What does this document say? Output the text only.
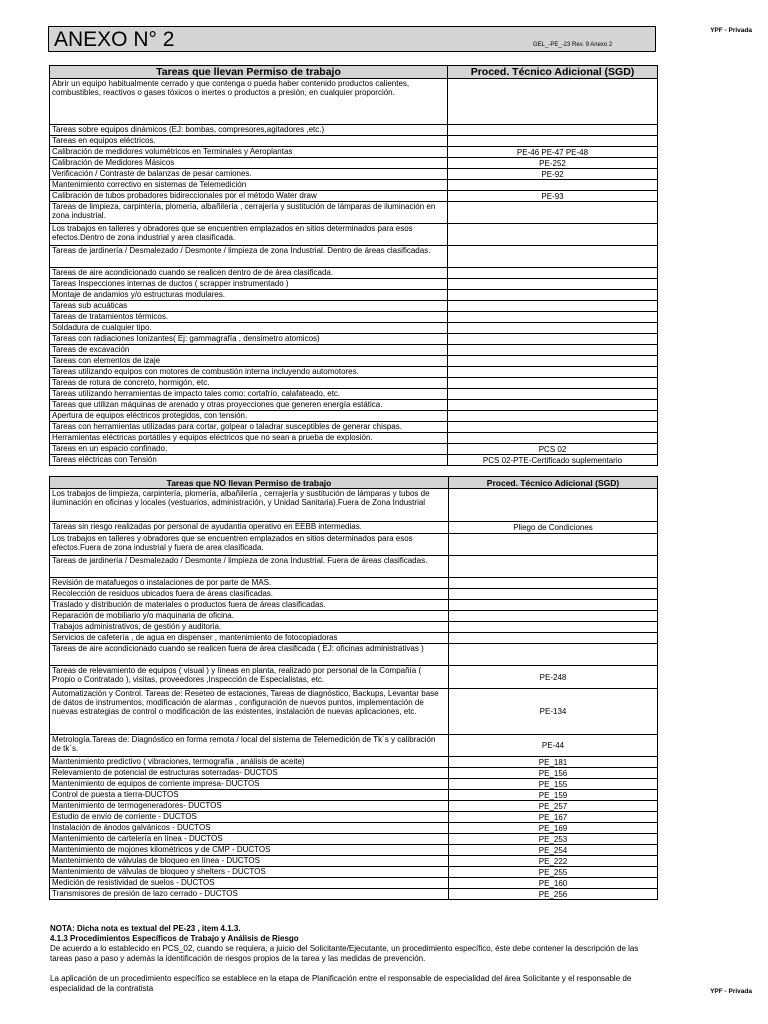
YPF - Privada
ANEXO N° 2	GEL_-PE_-23 Rev. 9 Anexo 2
Tareas que llevan Permiso de trabajo	Proced. Técnico Adicional (SGD)
Abrir un equipo habitualmente cerrado y que contenga o pueda haber contenido productos calientes, combustibles, reactivos o gases tóxicos o inertes o productos a presión, en cualquier proporción.	
Tareas sobre equipos dinámicos (EJ: bombas, compresores,agitadores ,etc.)	
Tareas en equipos eléctricos.	
Calibración de medidores volumétricos en Terminales y Aeroplantas	PE-46 PE-47 PE-48
Calibración de Medidores Másicos	PE-252
Verificación / Contraste de balanzas de pesar camiones.	PE-92
Mantenimiento correctivo en sistemas de Telemedición	
Calibración de tubos probadores bidireccionales por el método Water draw	PE-93
Tareas de limpieza, carpintería, plomería, albañilería , cerrajería y sustitución de lámparas de iluminación en zona industrial.	
Los trabajos en talleres y obradores que se encuentren emplazados en sitios determinados para esos efectos.Dentro de zona industrial y area clasificada.	
Tareas de jardinería / Desmalezado / Desmonte / limpieza de zona Industrial. Dentro de áreas clasificadas.	
Tareas de aire acondicionado cuando se realicen dentro de de área clasificada.	
Tareas Inspecciones internas de ductos ( scrapper instrumentado )	
Montaje de andamios y/o estructuras modulares.	
Tareas sub acuáticas	
Tareas de tratamientos térmicos.	
Soldadura de cualquier tipo.	
Tareas con radiaciones Ionizantes( Ej: gammagrafía , densimetro atomicos)	
Tareas de excavación	
Tareas con elementos de izaje	
Tareas utilizando equipos con motores de combustión interna incluyendo automotores.	
Tareas de rotura de concreto, hormigón, etc.	
Tareas utilizando herramientas de impacto tales como: cortafrío, calafateado, etc.	
Tareas que utilizan máquinas de arenado y otras proyecciones que generen energía estática.	
Apertura de equipos eléctricos protegidos, con tensión.	
Tareas con herramientas utilizadas para cortar, golpear o taladrar susceptibles de generar chispas.	
Herramientas eléctricas portátiles y equipos eléctricos que no sean a prueba de explosión.	
Tareas en un espacio confinado.	PCS 02
Tareas eléctricas con Tensión	PCS 02-PTE-Certificado suplementario
Tareas que NO llevan Permiso de trabajo	Proced. Técnico Adicional (SGD)
Los trabajos de limpieza, carpintería, plomería, albañilería , cerrajería y sustitución de lámparas y tubos de iluminación en oficinas y locales (vestuarios, administración, y Unidad Sanitaria).Fuera de Zona Industrial	
Tareas sin riesgo realizadas por personal de ayudantía operativo en EEBB intermedias.	Pliego de Condiciones
Los trabajos en talleres y obradores que se encuentren emplazados en sitios determinados para esos efectos.Fuera de zona industrial y fuera de area clasificada.	
Tareas de jardinería / Desmalezado / Desmonte / limpieza de zona Industrial. Fuera de áreas clasificadas.	
Revisión de matafuegos o instalaciones de por parte de MAS.	
Recolección de residuos ubicados fuera de áreas clasificadas.	
Traslado y distribución de materiales o productos fuera de áreas clasificadas.	
Reparación de mobiliario y/o maquinaria de oficina.	
Trabajos administrativos, de gestión y auditoria.	
Servicios de cafetería , de agua en dispenser , mantenimiento de fotocopiadoras	
Tareas de aire acondicionado cuando se realicen fuera de área clasificada ( EJ: oficinas administrativas )	
Tareas de relevamiento de equipos ( visual ) y líneas en planta, realizado por personal de la Compañía ( Propio o Contratado ), visitas, proveedores ,Inspección de Especialistas, etc.	PE-248
Automatización y Control. Tareas de: Reseteo de estaciones, Tareas de diagnóstico, Backups, Levantar base de datos de instrumentos, modificación de alarmas , configuración de nuevos puntos, implementación de nuevas estrategias de control o modificación de las existentes, instalación de nuevas aplicaciones, etc.	PE-134
Metrología.Tareas de: Diagnóstico en forma remota / local del sistema de Telemedición de Tk´s y calibración de tk´s.	PE-44
Mantenimiento predictivo ( vibraciones, termografía , análisis de aceite)	PE_181
Relevamiento de potencial de estructuras soterradas- DUCTOS	PE_156
Mantenimiento de equipos de corriente impresa- DUCTOS	PE_155
Control de puesta a tierra-DUCTOS	PE_159
Mantenimiento de termogeneradores- DUCTOS	PE_257
Estudio de envío de corriente - DUCTOS	PE_167
Instalación de ánodos galvánicos - DUCTOS	PE_169
Mantenimiento de cartelería en línea - DUCTOS	PE_253
Mantenimiento de mojones kilométricos y de CMP - DUCTOS	PE_254
Mantenimiento de válvulas de bloqueo en línea - DUCTOS	PE_222
Mantenimiento de válvulas de bloqueo y shelters - DUCTOS	PE_255
Medición de resistividad de suelos - DUCTOS	PE_160
Transmisores de presión de lazo cerrado - DUCTOS	PE_256

NOTA: Dicha nota es textual del PE-23 , item 4.1.3.

4.1.3 Procedimientos Específicos de Trabajo y Análisis de Riesgo

De acuerdo a lo establecido en PCS_02, cuando se requiera, a juicio del Solicitante/Ejecutante, un procedimiento específico, éste debe contener la descripción de las tareas paso a paso y además la identificación de riesgos propios de la tarea y las medidas de prevención.

La aplicación de un procedimiento específico se establece en la etapa de Planificación entre el responsable de especialidad del área Solicitante y el responsable de especialidad de la contratista	YPF - Privada
